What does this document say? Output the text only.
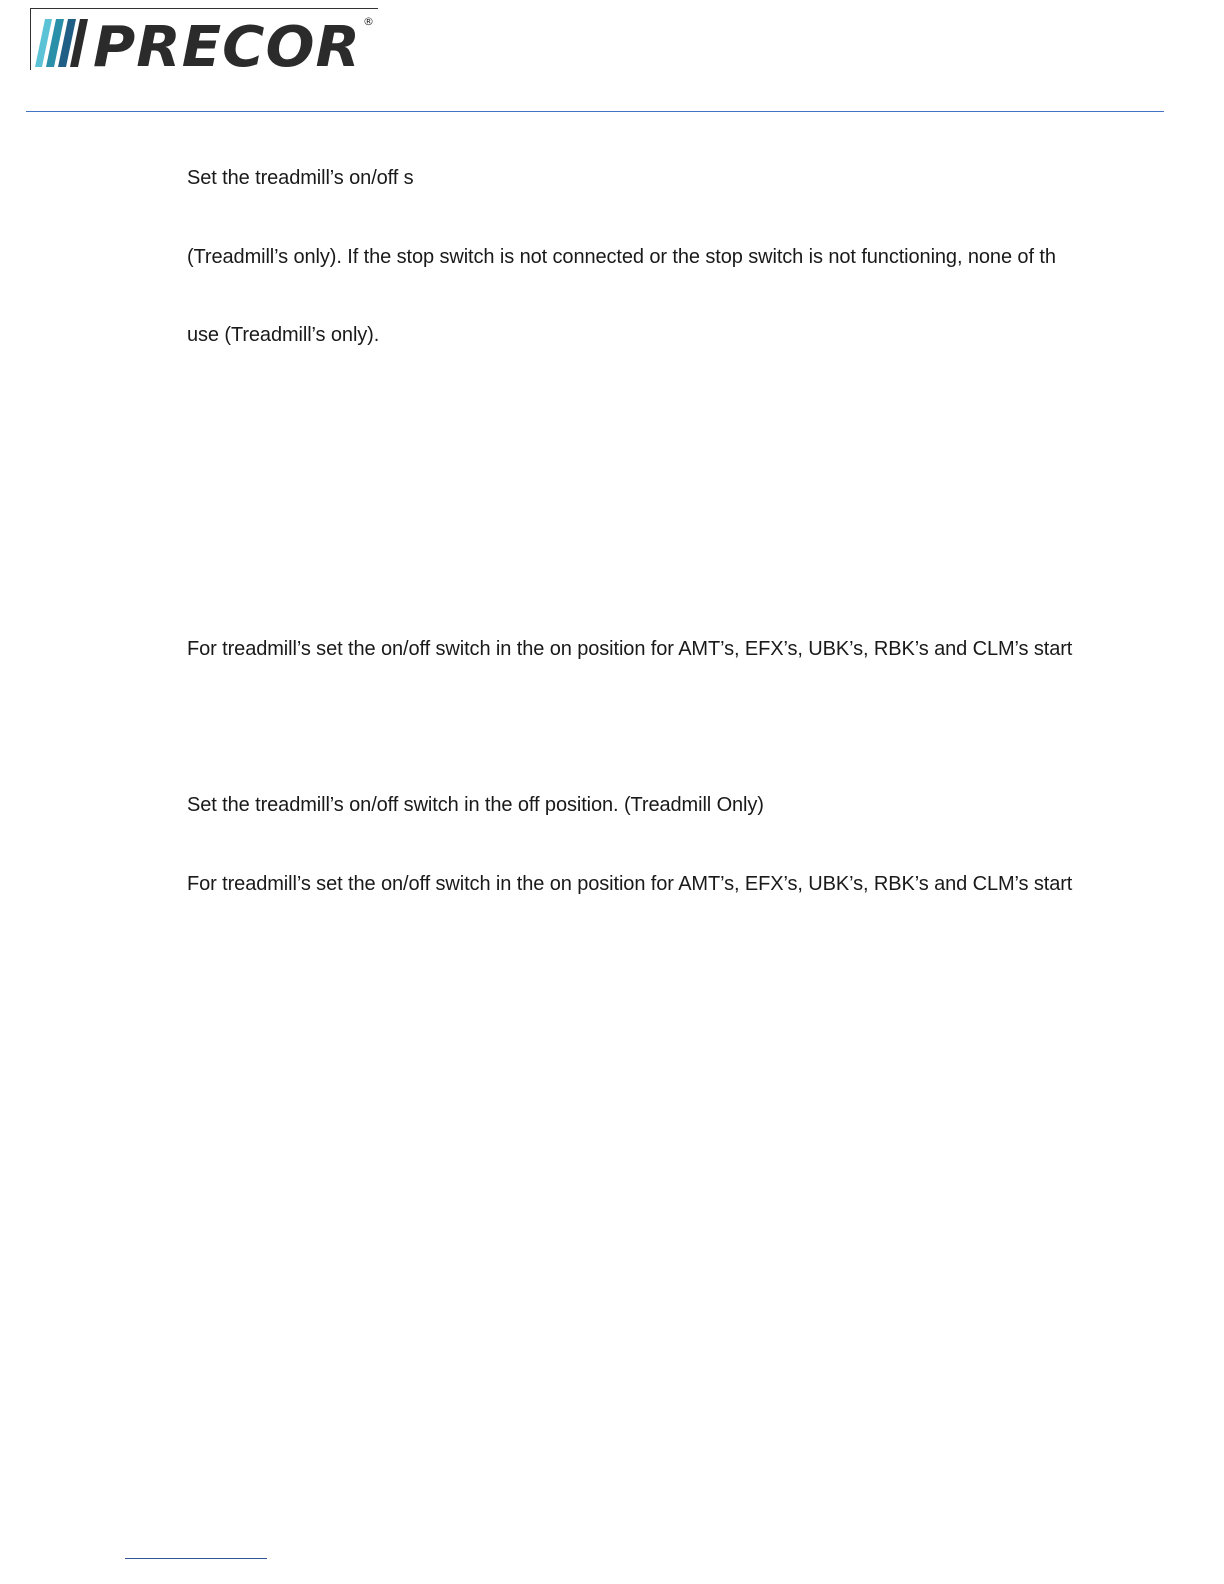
PRECOR ®
Set the treadmill’s on/off s
(Treadmill’s only). If the stop switch is not connected or the stop switch is not functioning, none of th
use (Treadmill’s only).
For treadmill’s set the on/off switch in the on position for AMT’s, EFX’s, UBK’s, RBK’s and CLM’s start
Set the treadmill’s on/off switch in the off position. (Treadmill Only)
For treadmill’s set the on/off switch in the on position for AMT’s, EFX’s, UBK’s, RBK’s and CLM’s start
